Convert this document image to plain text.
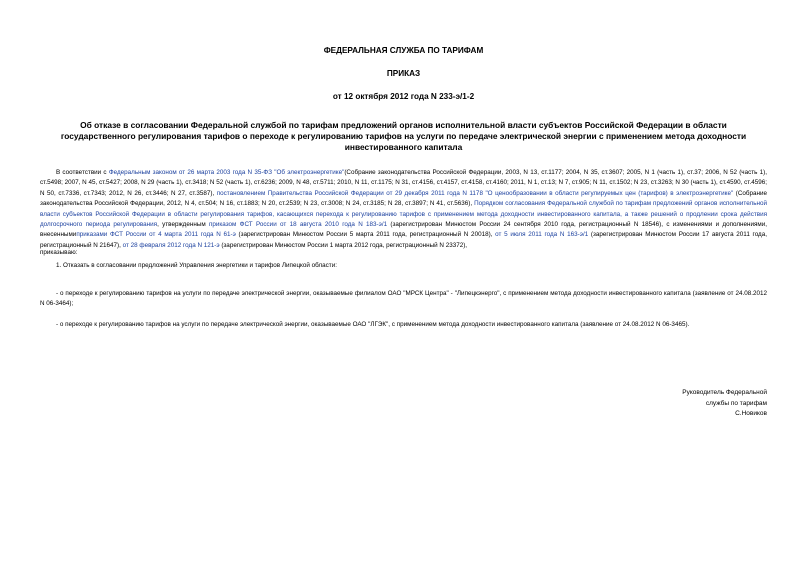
ФЕДЕРАЛЬНАЯ СЛУЖБА ПО ТАРИФАМ
ПРИКАЗ
от 12 октября 2012 года N 233-э/1-2
Об отказе в согласовании Федеральной службой по тарифам предложений органов исполнительной власти субъектов Российской Федерации в области государственного регулирования тарифов о переходе к регулированию тарифов на услуги по передаче электрической энергии с применением метода доходности инвестированного капитала
В соответствии с Федеральным законом от 26 марта 2003 года N 35-ФЗ "Об электроэнергетике"(Собрание законодательства Российской Федерации, 2003, N 13, ст.1177; 2004, N 35, ст.3607; 2005, N 1 (часть 1), ст.37; 2006, N 52 (часть 1), ст.5498; 2007, N 45, ст.5427; 2008, N 29 (часть 1), ст.3418; N 52 (часть 1), ст.6236; 2009, N 48, ст.5711; 2010, N 11, ст.1175; N 31, ст.4156, ст.4157, ст.4158, ст.4160; 2011, N 1, ст.13; N 7, ст.905; N 11, ст.1502; N 23, ст.3263; N 30 (часть 1), ст.4590, ст.4596; N 50, ст.7336, ст.7343; 2012, N 26, ст.3446; N 27, ст.3587), постановлением Правительства Российской Федерации от 29 декабря 2011 года N 1178 "О ценообразовании в области регулируемых цен (тарифов) в электроэнергетике" (Собрание законодательства Российской Федерации, 2012, N 4, ст.504; N 16, ст.1883; N 20, ст.2539; N 23, ст.3008; N 24, ст.3185; N 28, ст.3897; N 41, ст.5636), Порядком согласования Федеральной службой по тарифам предложений органов исполнительной власти субъектов Российской Федерации в области регулирования тарифов, касающихся перехода к регулированию тарифов с применением метода доходности инвестированного капитала, а также решений о продлении срока действия долгосрочного периода регулирования, утвержденным приказом ФСТ России от 18 августа 2010 года N 183-э/1 (зарегистрирован Минюстом России 24 сентября 2010 года, регистрационный N 18546), с изменениями и дополнениями, внесеннымиприказами ФСТ России от 4 марта 2011 года N 61-э (зарегистрирован Минюстом России 5 марта 2011 года, регистрационный N 20018), от 5 июля 2011 года N 163-э/1 (зарегистрирован Минюстом России 17 августа 2011 года, регистрационный N 21647), от 28 февраля 2012 года N 121-э (зарегистрирован Минюстом России 1 марта 2012 года, регистрационный N 23372),
приказываю:
1. Отказать в согласовании предложений Управления энергетики и тарифов Липецкой области:
- о переходе к регулированию тарифов на услуги по передаче электрической энергии, оказываемые филиалом ОАО "МРСК Центра" - "Липецкэнерго", с применением метода доходности инвестированного капитала (заявление от 24.08.2012 N 06-3464);
- о переходе к регулированию тарифов на услуги по передаче электрической энергии, оказываемые ОАО "ЛГЭК", с применением метода доходности инвестированного капитала (заявление от 24.08.2012 N 06-3465).
Руководитель Федеральной
службы по тарифам
С.Новиков
